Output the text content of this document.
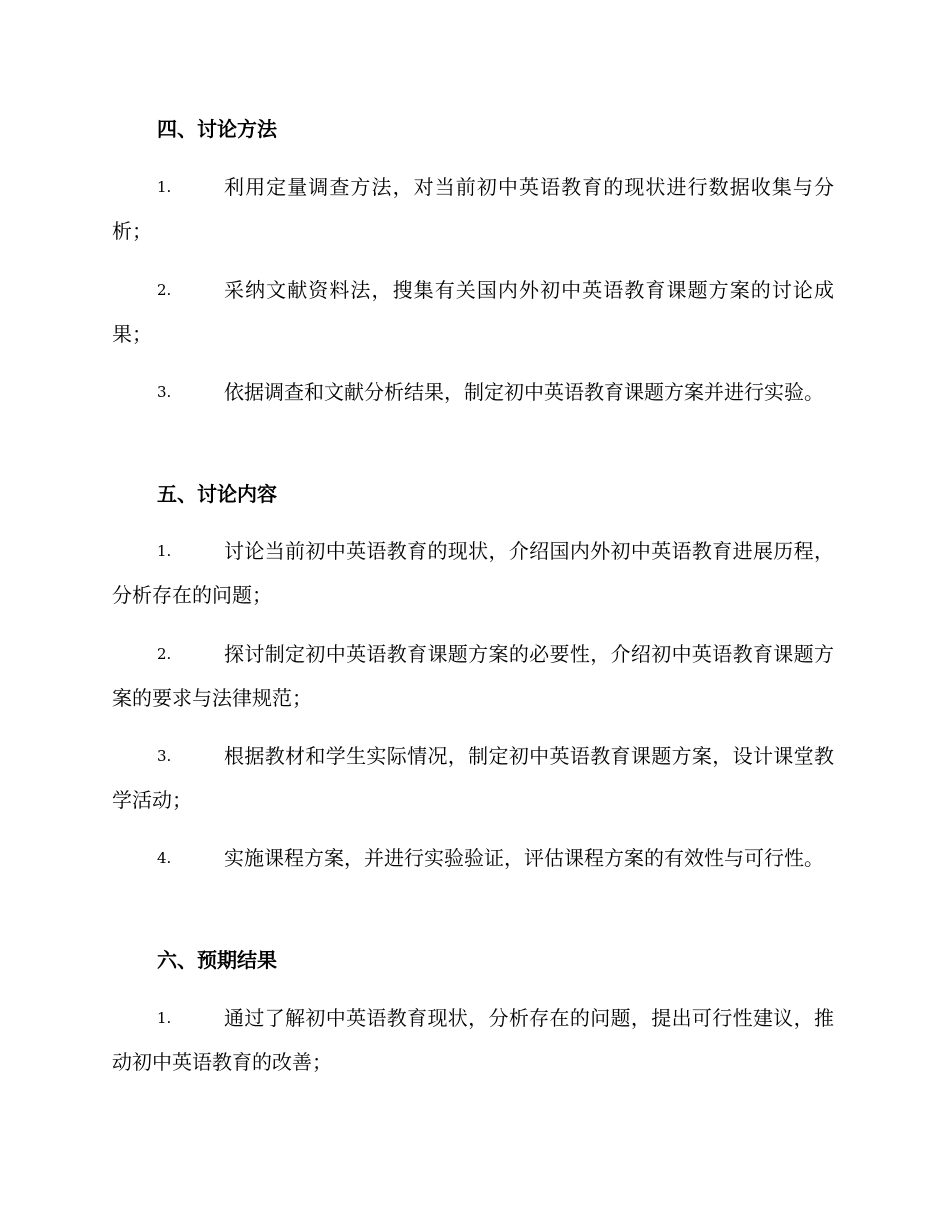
四、讨论方法
1.	利用定量调查方法，对当前初中英语教育的现状进行数据收集与分析；
2.	采纳文献资料法，搜集有关国内外初中英语教育课题方案的讨论成果；
3.	依据调查和文献分析结果，制定初中英语教育课题方案并进行实验。
五、讨论内容
1.	讨论当前初中英语教育的现状，介绍国内外初中英语教育进展历程，分析存在的问题；
2.	探讨制定初中英语教育课题方案的必要性，介绍初中英语教育课题方案的要求与法律规范；
3.	根据教材和学生实际情况，制定初中英语教育课题方案，设计课堂教学活动；
4.	实施课程方案，并进行实验验证，评估课程方案的有效性与可行性。
六、预期结果
1.	通过了解初中英语教育现状，分析存在的问题，提出可行性建议，推动初中英语教育的改善；
